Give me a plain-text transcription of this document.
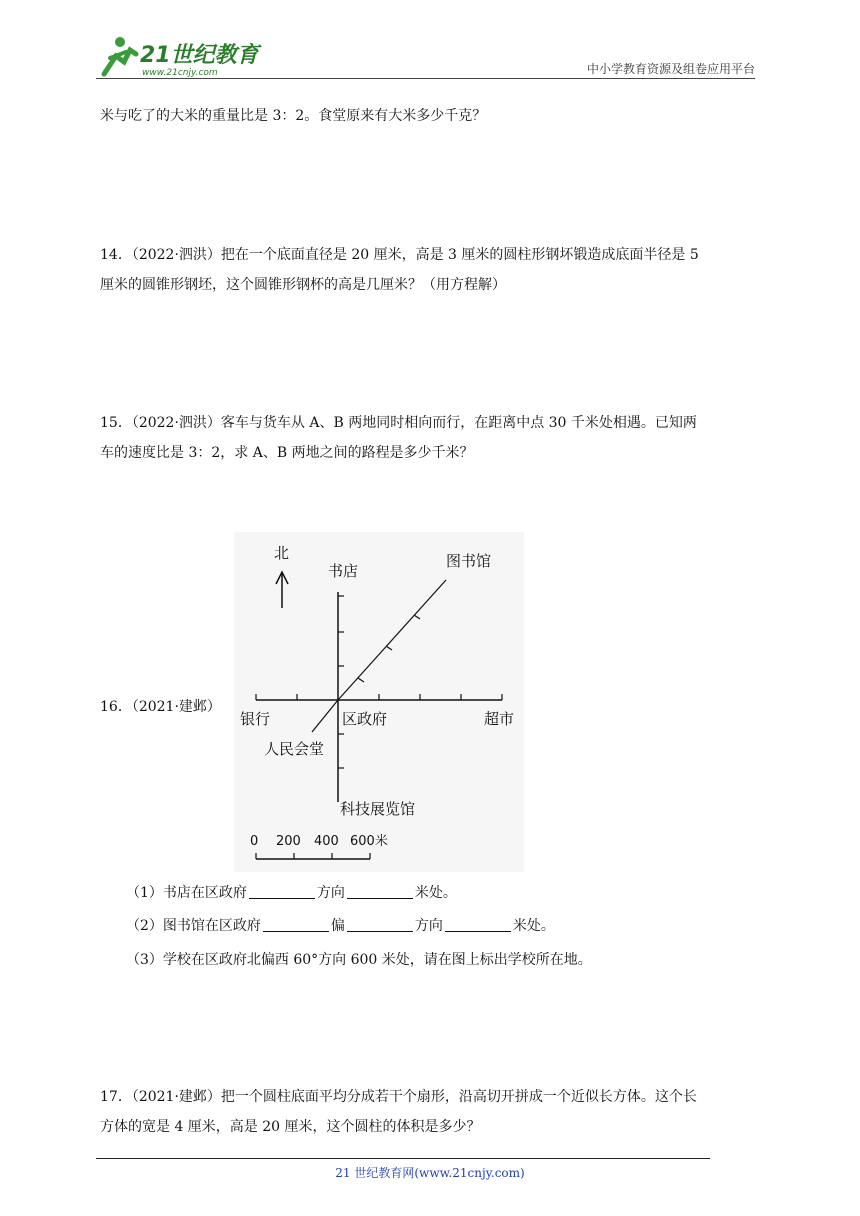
21世纪教育
www.21cnjy.com	中小学教育资源及组卷应用平台
米与吃了的大米的重量比是 3：2。食堂原来有大米多少千克？
14．（2022·泗洪）把在一个底面直径是 20 厘米，高是 3 厘米的圆柱形钢坏锻造成底面半径是 5
厘米的圆锥形钢坯，这个圆锥形钢杯的高是几厘米？（用方程解）
15．（2022·泗洪）客车与货车从 A、B 两地同时相向而行，在距离中点 30 千米处相遇。已知两
车的速度比是 3：2，求 A、B 两地之间的路程是多少千米？
16．（2021·建邺）
北
书店
图书馆
银行	区政府	超市
人民会堂
科技展览馆
0 200 400 600米
（1）书店在区政府	方向	米处。
（2）图书馆在区政府	偏	方向	米处。
（3）学校在区政府北偏西 60°方向 600 米处，请在图上标出学校所在地。
17．（2021·建邺）把一个圆柱底面平均分成若干个扇形，沿高切开拼成一个近似长方体。这个长
方体的宽是 4 厘米，高是 20 厘米，这个圆柱的体积是多少？
21 世纪教育网(www.21cnjy.com)
